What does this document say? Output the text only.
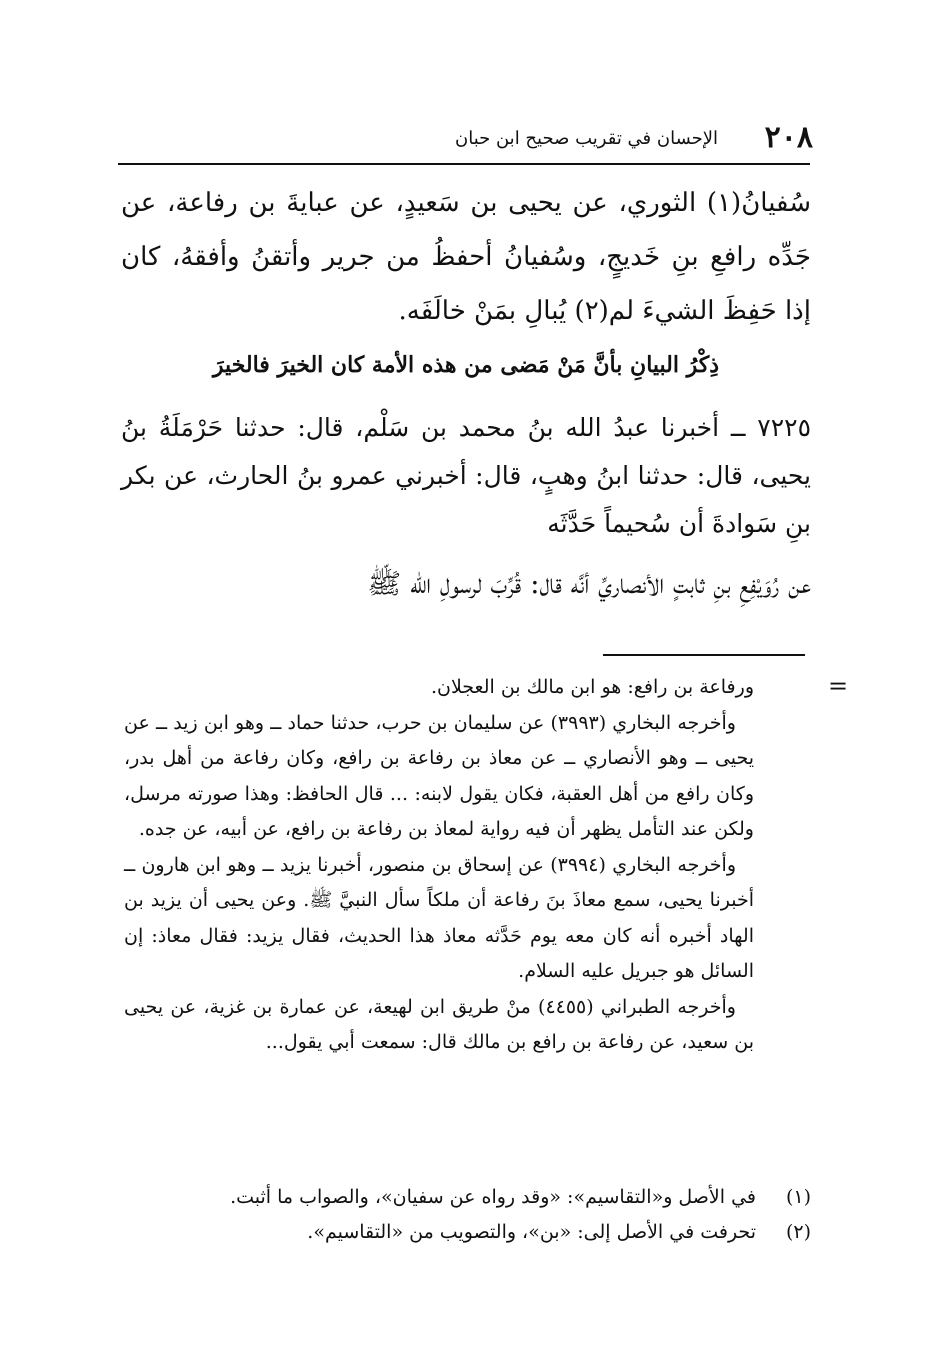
٢٠٨
الإحسان في تقريب صحيح ابن حبان

سُفيانُ(١) الثوري، عن يحيى بن سَعيدٍ، عن عبايةَ بن رفاعة، عن جَدِّه رافعِ بنِ خَديجٍ، وسُفيانُ أحفظُ من جرير وأتقنُ وأفقهُ، كان إذا حَفِظَ الشيءَ لم(٢) يُبالِ بمَنْ خالَفَه.

ذِكْرُ البيانِ بأنَّ مَنْ مَضى من هذه الأمة كان الخيرَ فالخيرَ

٧٢٢٥ ــ أخبرنا عبدُ الله بنُ محمد بن سَلْم، قال: حدثنا حَرْمَلَةُ بنُ يحيى، قال: حدثنا ابنُ وهبٍ، قال: أخبرني عمرو بنُ الحارث، عن بكر بنِ سَوادةَ أن سُحيماً حَدَّثَه

عن رُوَيْفِعِ بنِ ثابتٍ الأنصاريِّ أنَّه قال: قُرِّبَ لرسولِ الله ﷺ

=

ورفاعة بن رافع: هو ابن مالك بن العجلان.

وأخرجه البخاري (٣٩٩٣) عن سليمان بن حرب، حدثنا حماد ــ وهو ابن زيد ــ عن يحيى ــ وهو الأنصاري ــ عن معاذ بن رفاعة بن رافع، وكان رفاعة من أهل بدر، وكان رافع من أهل العقبة، فكان يقول لابنه: ... قال الحافظ: وهذا صورته مرسل، ولكن عند التأمل يظهر أن فيه رواية لمعاذ بن رفاعة بن رافع، عن أبيه، عن جده.

وأخرجه البخاري (٣٩٩٤) عن إسحاق بن منصور، أخبرنا يزيد ــ وهو ابن هارون ــ أخبرنا يحيى، سمع معاذَ بنَ رفاعة أن ملكاً سأل النبيَّ ﷺ. وعن يحيى أن يزيد بن الهاد أخبره أنه كان معه يوم حَدَّثه معاذ هذا الحديث، فقال يزيد: فقال معاذ: إن السائل هو جبريل عليه السلام.

وأخرجه الطبراني (٤٤٥٥) منْ طريق ابن لهيعة، عن عمارة بن غزية، عن يحيى بن سعيد، عن رفاعة بن رافع بن مالك قال: سمعت أبي يقول...

(١)
في الأصل و«التقاسيم»: «وقد رواه عن سفيان»، والصواب ما أثبت.
(٢)
تحرفت في الأصل إلى: «بن»، والتصويب من «التقاسيم».
